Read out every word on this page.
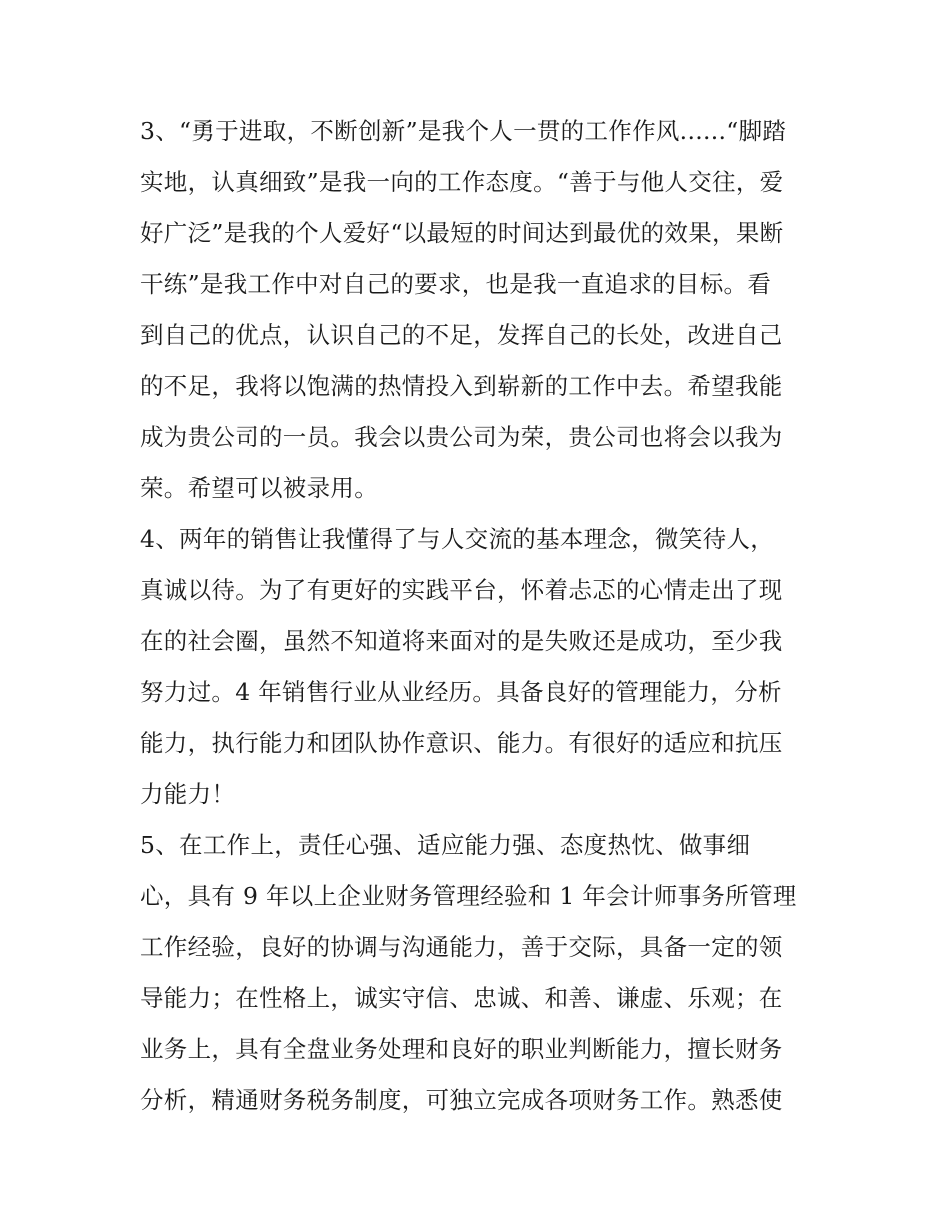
3、“勇于进取，不断创新”是我个人一贯的工作作风......“脚踏
实地，认真细致”是我一向的工作态度。“善于与他人交往，爱
好广泛”是我的个人爱好“以最短的时间达到最优的效果，果断
干练”是我工作中对自己的要求，也是我一直追求的目标。看
到自己的优点，认识自己的不足，发挥自己的长处，改进自己
的不足，我将以饱满的热情投入到崭新的工作中去。希望我能
成为贵公司的一员。我会以贵公司为荣，贵公司也将会以我为
荣。希望可以被录用。
4、两年的销售让我懂得了与人交流的基本理念，微笑待人，
真诚以待。为了有更好的实践平台，怀着忐忑的心情走出了现
在的社会圈，虽然不知道将来面对的是失败还是成功，至少我
努力过。4 年销售行业从业经历。具备良好的管理能力，分析
能力，执行能力和团队协作意识、能力。有很好的适应和抗压
力能力！
5、在工作上，责任心强、适应能力强、态度热忱、做事细
心，具有 9 年以上企业财务管理经验和 1 年会计师事务所管理
工作经验，良好的协调与沟通能力，善于交际，具备一定的领
导能力；在性格上，诚实守信、忠诚、和善、谦虚、乐观；在
业务上，具有全盘业务处理和良好的职业判断能力，擅长财务
分析，精通财务税务制度，可独立完成各项财务工作。熟悉使
